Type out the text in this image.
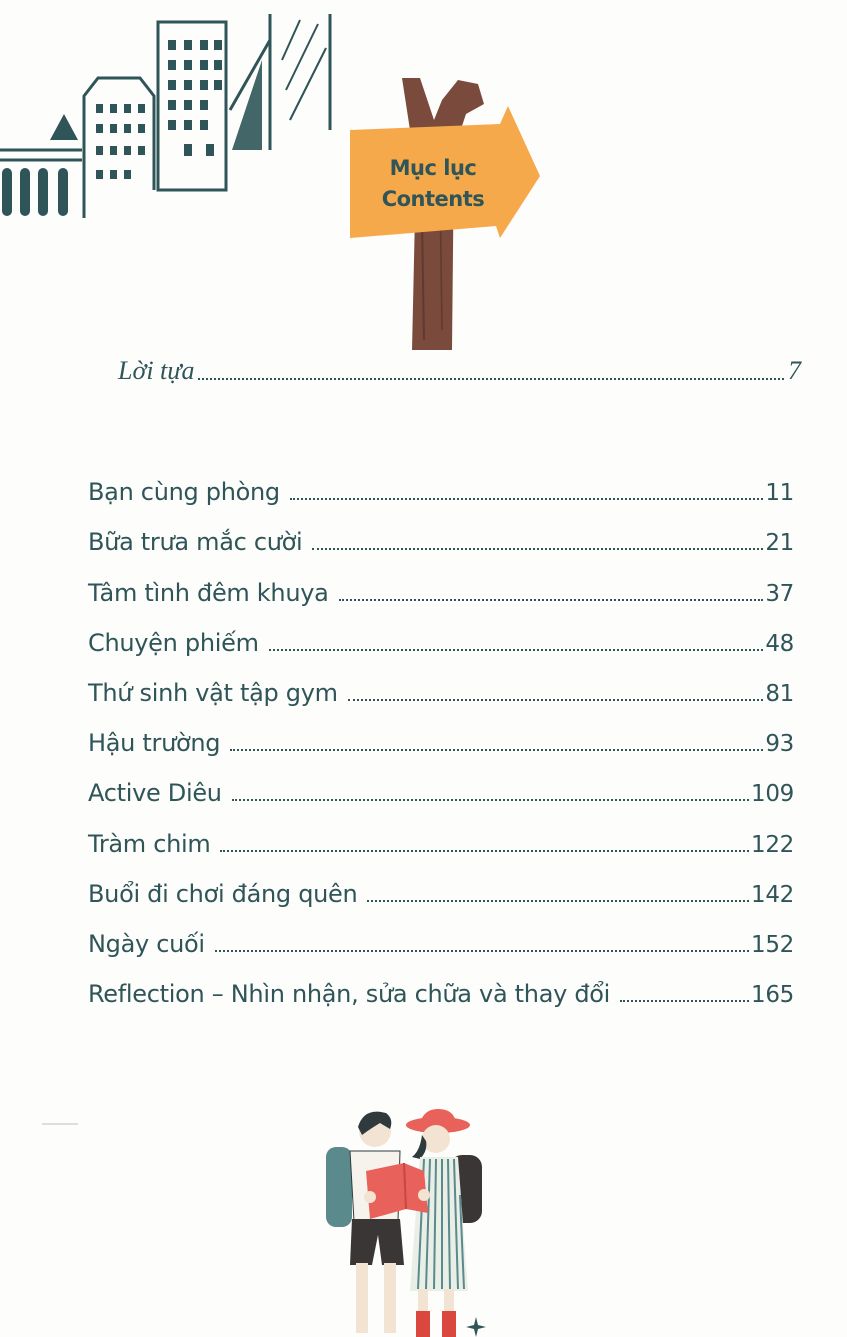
Mục lục
Contents
Lời tựa	7
Bạn cùng phòng	11
Bữa trưa mắc cười	21
Tâm tình đêm khuya	37
Chuyện phiếm	48
Thứ sinh vật tập gym	81
Hậu trường	93
Active Diêu	109
Tràm chim	122
Buổi đi chơi đáng quên	142
Ngày cuối	152
Reflection – Nhìn nhận, sửa chữa và thay đổi	165
